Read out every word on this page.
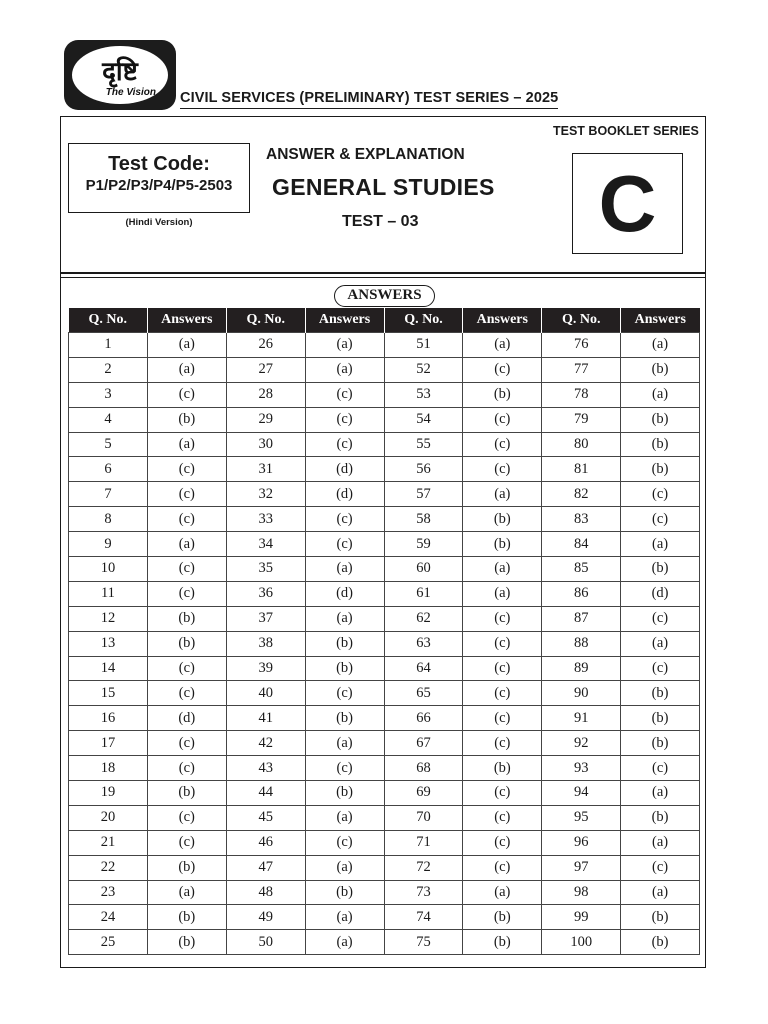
दृष्टि
The Vision CIVIL SERVICES (PRELIMINARY) TEST SERIES – 2025
Test Code:
P1/P2/P3/P4/P5-2503
(Hindi Version)
ANSWER & EXPLANATION
GENERAL STUDIES
TEST – 03
TEST BOOKLET SERIES
C
ANSWERS
Q. No.	Answers	Q. No.	Answers	Q. No.	Answers	Q. No.	Answers
1	(a)	26	(a)	51	(a)	76	(a)
2	(a)	27	(a)	52	(c)	77	(b)
3	(c)	28	(c)	53	(b)	78	(a)
4	(b)	29	(c)	54	(c)	79	(b)
5	(a)	30	(c)	55	(c)	80	(b)
6	(c)	31	(d)	56	(c)	81	(b)
7	(c)	32	(d)	57	(a)	82	(c)
8	(c)	33	(c)	58	(b)	83	(c)
9	(a)	34	(c)	59	(b)	84	(a)
10	(c)	35	(a)	60	(a)	85	(b)
11	(c)	36	(d)	61	(a)	86	(d)
12	(b)	37	(a)	62	(c)	87	(c)
13	(b)	38	(b)	63	(c)	88	(a)
14	(c)	39	(b)	64	(c)	89	(c)
15	(c)	40	(c)	65	(c)	90	(b)
16	(d)	41	(b)	66	(c)	91	(b)
17	(c)	42	(a)	67	(c)	92	(b)
18	(c)	43	(c)	68	(b)	93	(c)
19	(b)	44	(b)	69	(c)	94	(a)
20	(c)	45	(a)	70	(c)	95	(b)
21	(c)	46	(c)	71	(c)	96	(a)
22	(b)	47	(a)	72	(c)	97	(c)
23	(a)	48	(b)	73	(a)	98	(a)
24	(b)	49	(a)	74	(b)	99	(b)
25	(b)	50	(a)	75	(b)	100	(b)
